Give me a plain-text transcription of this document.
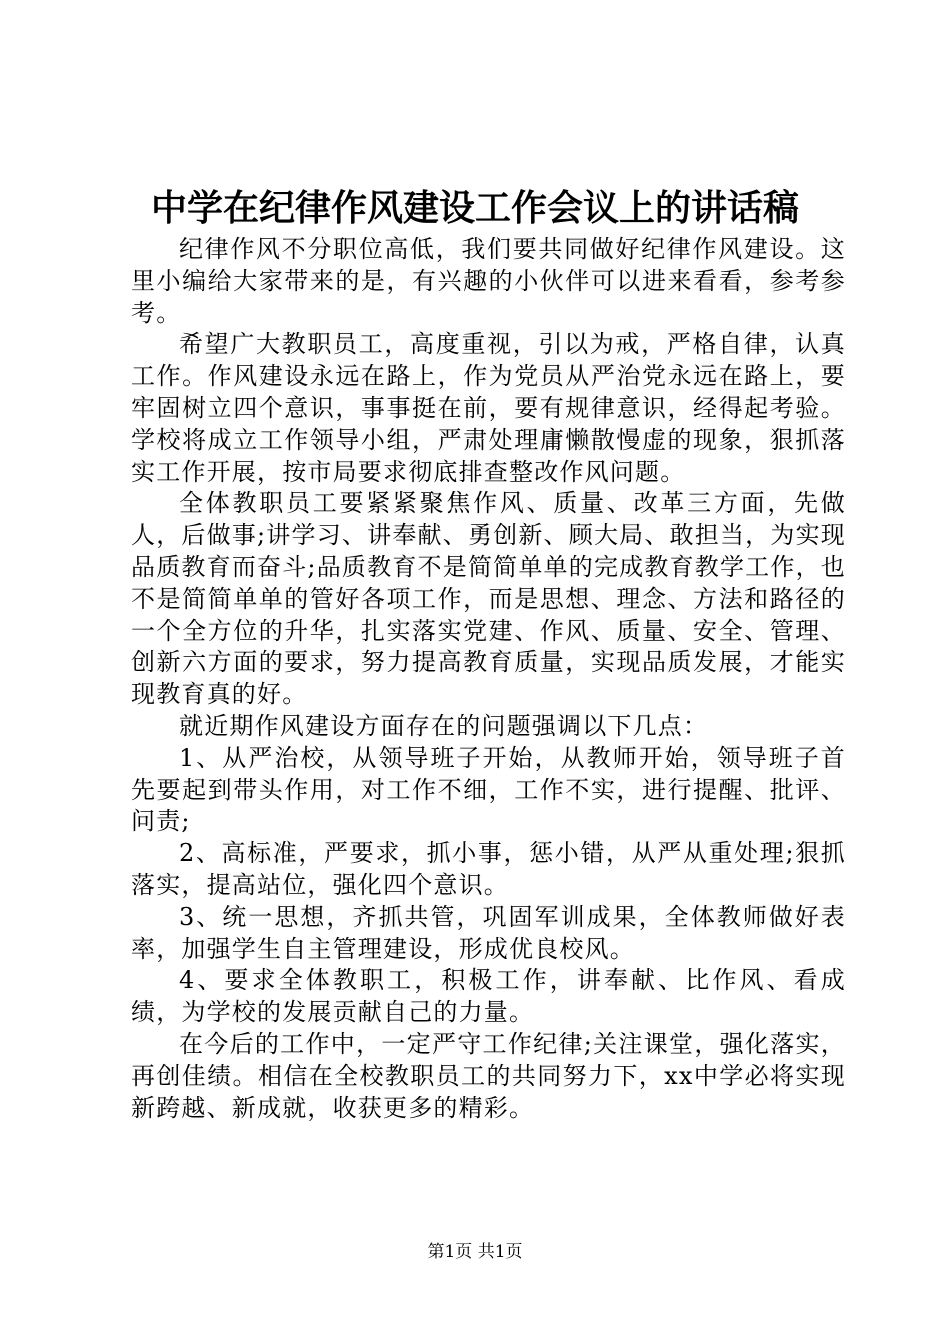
中学在纪律作风建设工作会议上的讲话稿

纪律作风不分职位高低，我们要共同做好纪律作风建设。这里小编给大家带来的是，有兴趣的小伙伴可以进来看看，参考参考。

希望广大教职员工，高度重视，引以为戒，严格自律，认真工作。作风建设永远在路上，作为党员从严治党永远在路上，要牢固树立四个意识，事事挺在前，要有规律意识，经得起考验。学校将成立工作领导小组，严肃处理庸懒散慢虚的现象，狠抓落实工作开展，按市局要求彻底排查整改作风问题。

全体教职员工要紧紧聚焦作风、质量、改革三方面，先做人，后做事;讲学习、讲奉献、勇创新、顾大局、敢担当，为实现品质教育而奋斗;品质教育不是简简单单的完成教育教学工作，也不是简简单单的管好各项工作，而是思想、理念、方法和路径的一个全方位的升华，扎实落实党建、作风、质量、安全、管理、创新六方面的要求，努力提高教育质量，实现品质发展，才能实现教育真的好。

就近期作风建设方面存在的问题强调以下几点：

1、从严治校，从领导班子开始，从教师开始，领导班子首先要起到带头作用，对工作不细，工作不实，进行提醒、批评、问责;

2、高标准，严要求，抓小事，惩小错，从严从重处理;狠抓落实，提高站位，强化四个意识。

3、统一思想，齐抓共管，巩固军训成果，全体教师做好表率，加强学生自主管理建设，形成优良校风。

4、要求全体教职工，积极工作，讲奉献、比作风、看成绩，为学校的发展贡献自己的力量。

在今后的工作中，一定严守工作纪律;关注课堂，强化落实，再创佳绩。相信在全校教职员工的共同努力下，xx中学必将实现新跨越、新成就，收获更多的精彩。

第1页 共1页
